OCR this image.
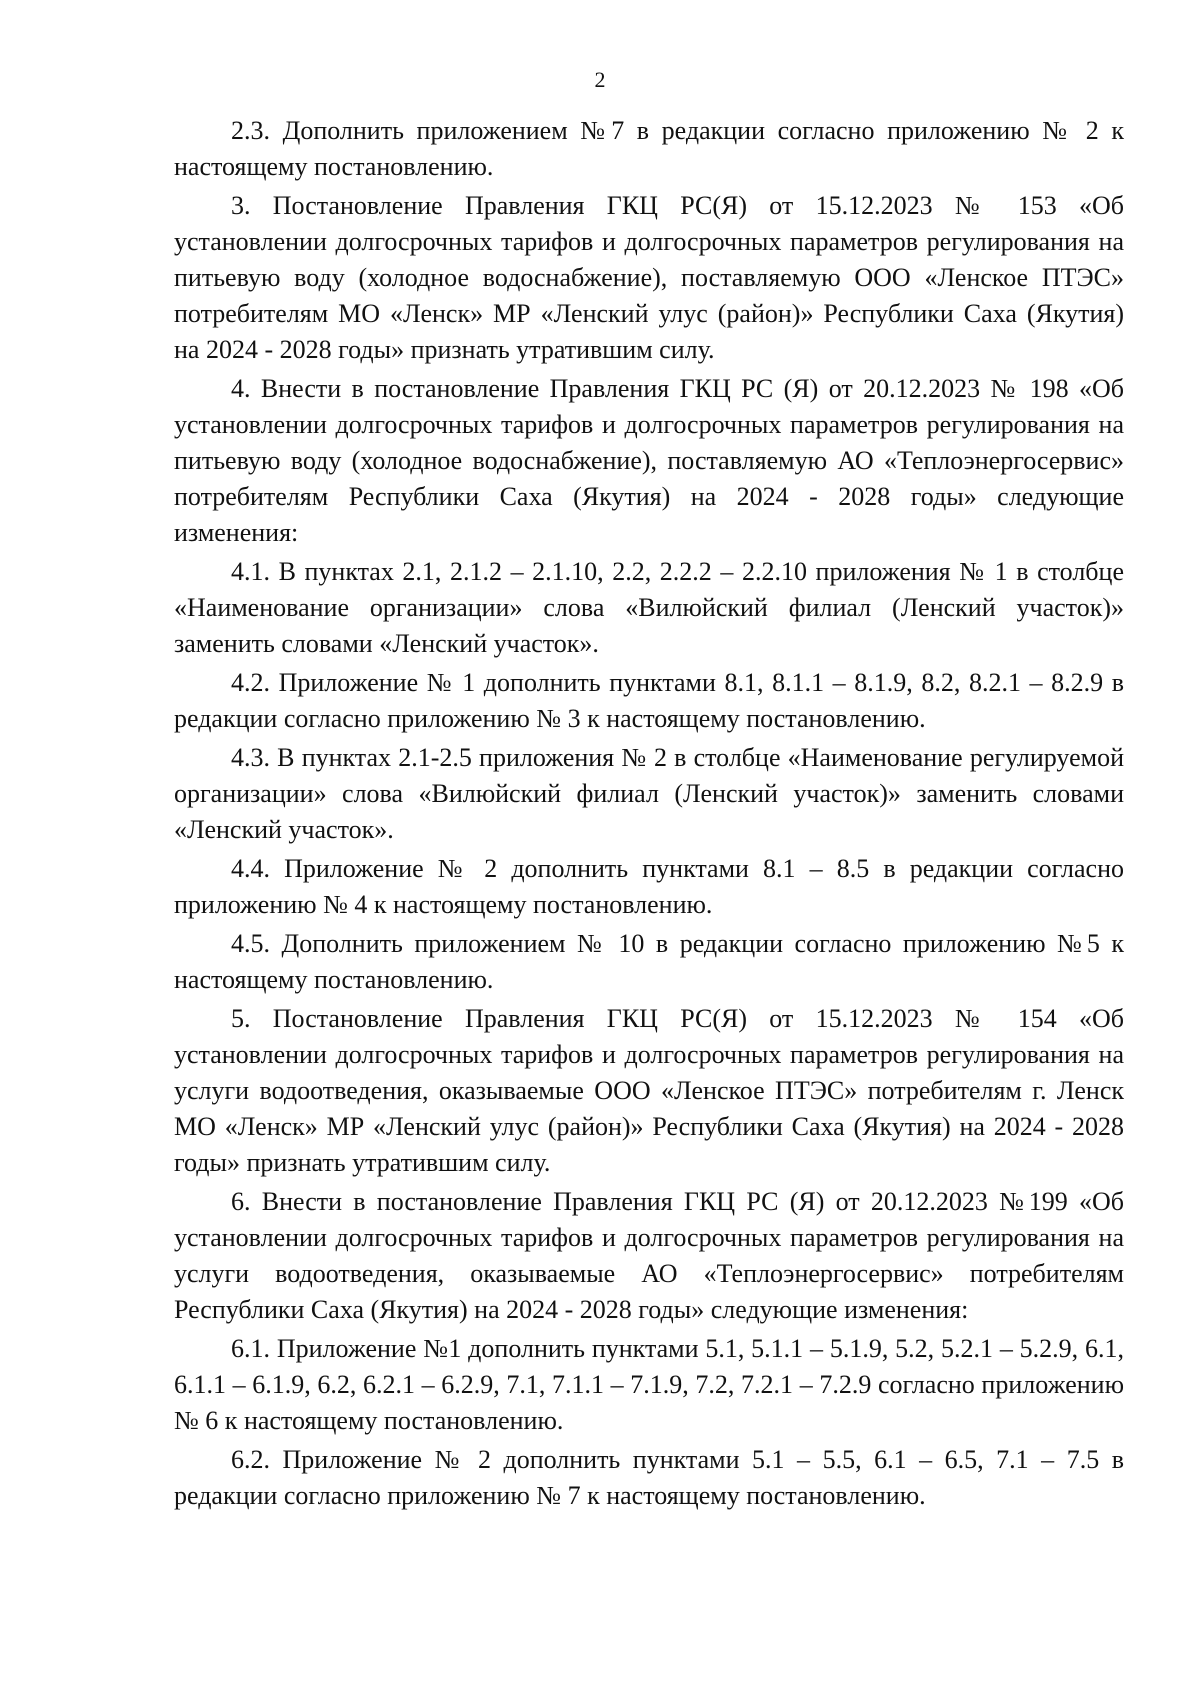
2

2.3. Дополнить приложением №7 в редакции согласно приложению № 2 к настоящему постановлению.

3. Постановление Правления ГКЦ РС(Я) от 15.12.2023 № 153 «Об установлении долгосрочных тарифов и долгосрочных параметров регулирования на питьевую воду (холодное водоснабжение), поставляемую ООО «Ленское ПТЭС» потребителям МО «Ленск» МР «Ленский улус (район)» Республики Саха (Якутия) на 2024 - 2028 годы» признать утратившим силу.

4. Внести в постановление Правления ГКЦ РС (Я) от 20.12.2023 № 198 «Об установлении долгосрочных тарифов и долгосрочных параметров регулирования на питьевую воду (холодное водоснабжение), поставляемую АО «Теплоэнергосервис» потребителям Республики Саха (Якутия) на 2024 - 2028 годы» следующие изменения:

4.1. В пунктах 2.1, 2.1.2 – 2.1.10, 2.2, 2.2.2 – 2.2.10 приложения № 1 в столбце «Наименование организации» слова «Вилюйский филиал (Ленский участок)» заменить словами «Ленский участок».

4.2. Приложение № 1 дополнить пунктами 8.1, 8.1.1 – 8.1.9, 8.2, 8.2.1 – 8.2.9 в редакции согласно приложению № 3 к настоящему постановлению.

4.3. В пунктах 2.1-2.5 приложения № 2 в столбце «Наименование регулируемой организации» слова «Вилюйский филиал (Ленский участок)» заменить словами «Ленский участок».

4.4. Приложение № 2 дополнить пунктами 8.1 – 8.5 в редакции согласно приложению № 4 к настоящему постановлению.

4.5. Дополнить приложением № 10 в редакции согласно приложению №5 к настоящему постановлению.

5. Постановление Правления ГКЦ РС(Я) от 15.12.2023 № 154 «Об установлении долгосрочных тарифов и долгосрочных параметров регулирования на услуги водоотведения, оказываемые ООО «Ленское ПТЭС» потребителям г. Ленск МО «Ленск» МР «Ленский улус (район)» Республики Саха (Якутия) на 2024 - 2028 годы» признать утратившим силу.

6. Внести в постановление Правления ГКЦ РС (Я) от 20.12.2023 №199 «Об установлении долгосрочных тарифов и долгосрочных параметров регулирования на услуги водоотведения, оказываемые АО «Теплоэнергосервис» потребителям Республики Саха (Якутия) на 2024 - 2028 годы» следующие изменения:

6.1. Приложение №1 дополнить пунктами 5.1, 5.1.1 – 5.1.9, 5.2, 5.2.1 – 5.2.9, 6.1, 6.1.1 – 6.1.9, 6.2, 6.2.1 – 6.2.9, 7.1, 7.1.1 – 7.1.9, 7.2, 7.2.1 – 7.2.9 согласно приложению № 6 к настоящему постановлению.

6.2. Приложение № 2 дополнить пунктами 5.1 – 5.5, 6.1 – 6.5, 7.1 – 7.5 в редакции согласно приложению № 7 к настоящему постановлению.
